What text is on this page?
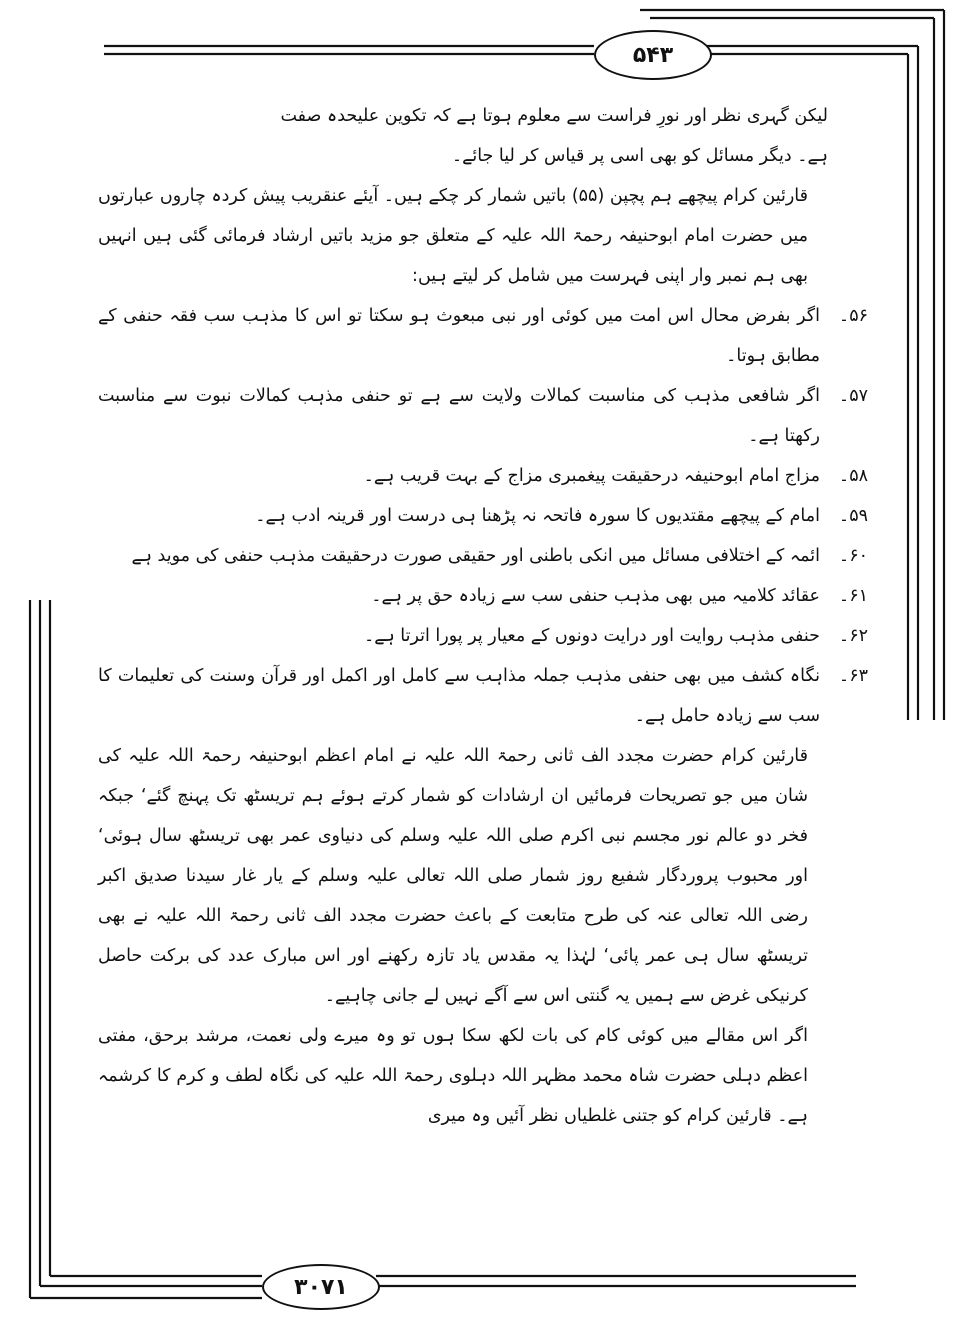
۵۴۳
۳۰۷۱

لیکن گہری نظر اور نورِ فراست سے معلوم ہوتا ہے کہ تکوین علیحدہ صفت

ہے۔ دیگر مسائل کو بھی اسی پر قیاس کر لیا جائے۔

قارئین کرام پیچھے ہم پچپن (۵۵) باتیں شمار کر چکے ہیں۔ آیئے عنقریب پیش کردہ چاروں عبارتوں میں حضرت امام ابوحنیفہ رحمۃ اللہ علیہ کے متعلق جو مزید باتیں ارشاد فرمائی گئی ہیں انہیں بھی ہم نمبر وار اپنی فہرست میں شامل کر لیتے ہیں:

۵۶۔
اگر بفرض محال اس امت میں کوئی اور نبی مبعوث ہو سکتا تو اس کا مذہب سب فقہ حنفی کے مطابق ہوتا۔
۵۷۔
اگر شافعی مذہب کی مناسبت کمالات ولایت سے ہے تو حنفی مذہب کمالات نبوت سے مناسبت رکھتا ہے۔
۵۸۔
مزاج امام ابوحنیفہ درحقیقت پیغمبری مزاج کے بہت قریب ہے۔
۵۹۔
امام کے پیچھے مقتدیوں کا سورہ فاتحہ نہ پڑھنا ہی درست اور قرینہ ادب ہے۔
۶۰۔
ائمہ کے اختلافی مسائل میں انکی باطنی اور حقیقی صورت درحقیقت مذہب حنفی کی موید ہے
۶۱۔
عقائد کلامیہ میں بھی مذہب حنفی سب سے زیادہ حق پر ہے۔
۶۲۔
حنفی مذہب روایت اور درایت دونوں کے معیار پر پورا اترتا ہے۔
۶۳۔
نگاہ کشف میں بھی حنفی مذہب جملہ مذاہب سے کامل اور اکمل اور قرآن وسنت کی تعلیمات کا سب سے زیادہ حامل ہے۔

قارئین کرام حضرت مجدد الف ثانی رحمۃ اللہ علیہ نے امام اعظم ابوحنیفہ رحمۃ اللہ علیہ کی شان میں جو تصریحات فرمائیں ان ارشادات کو شمار کرتے ہوئے ہم تریسٹھ تک پہنچ گئے‘ جبکہ فخر دو عالم نور مجسم نبی اکرم صلی اللہ علیہ وسلم کی دنیاوی عمر بھی تریسٹھ سال ہوئی‘ اور محبوب پروردگار شفیع روز شمار صلی اللہ تعالی علیہ وسلم کے یار غار سیدنا صدیق اکبر رضی اللہ تعالی عنہ کی طرح متابعت کے باعث حضرت مجدد الف ثانی رحمۃ اللہ علیہ نے بھی تریسٹھ سال ہی عمر پائی‘ لہٰذا یہ مقدس یاد تازہ رکھنے اور اس مبارک عدد کی برکت حاصل کرنیکی غرض سے ہمیں یہ گنتی اس سے آگے نہیں لے جانی چاہیے۔

اگر اس مقالے میں کوئی کام کی بات لکھ سکا ہوں تو وہ میرے ولی نعمت، مرشد برحق، مفتی اعظم دہلی حضرت شاہ محمد مظہر اللہ دہلوی رحمۃ اللہ علیہ کی نگاہ لطف و کرم کا کرشمہ ہے۔ قارئین کرام کو جتنی غلطیاں نظر آئیں وہ میری
